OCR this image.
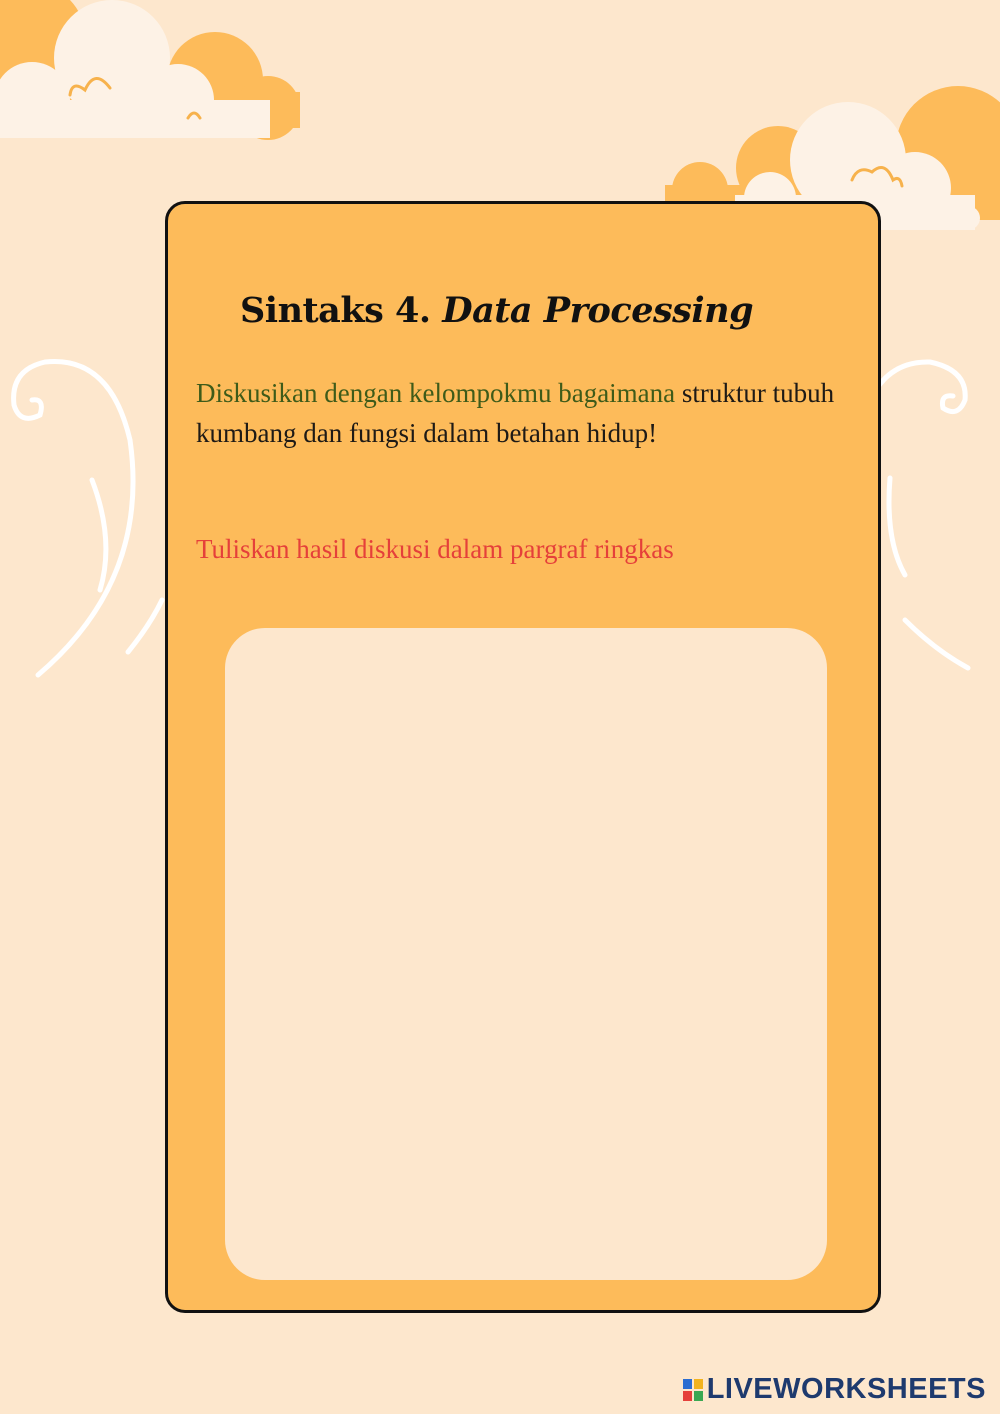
Sintaks 4. Data Processing

Diskusikan dengan kelompokmu bagaimana struktur tubuh kumbang dan fungsi dalam betahan hidup!

Tuliskan hasil diskusi dalam pargraf ringkas

LIVEWORKSHEETS
